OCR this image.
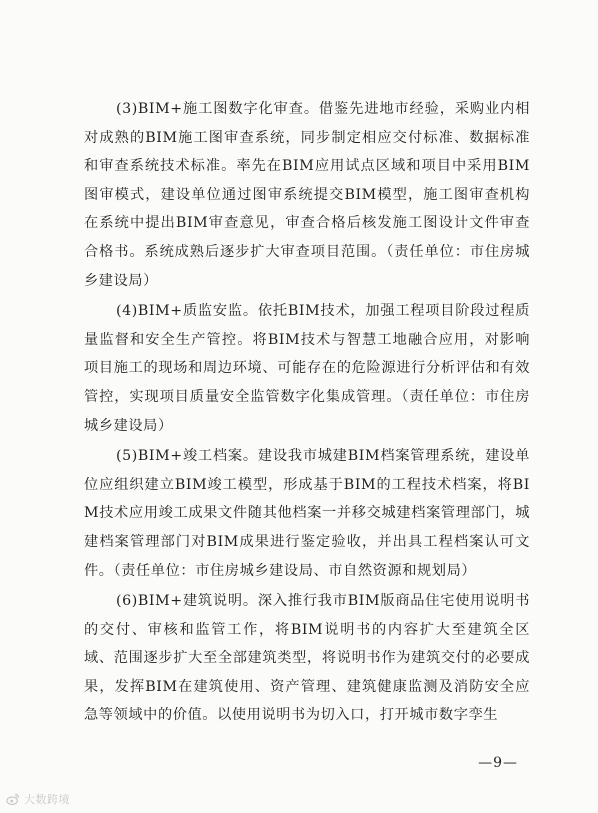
(3)BIM+施工图数字化审查。借鉴先进地市经验，采购业内相对成熟的BIM施工图审查系统，同步制定相应交付标准、数据标准和审查系统技术标准。率先在BIM应用试点区域和项目中采用BIM图审模式，建设单位通过图审系统提交BIM模型，施工图审查机构在系统中提出BIM审查意见，审查合格后核发施工图设计文件审查合格书。系统成熟后逐步扩大审查项目范围。（责任单位：市住房城乡建设局）

(4)BIM+质监安监。依托BIM技术，加强工程项目阶段过程质量监督和安全生产管控。将BIM技术与智慧工地融合应用，对影响项目施工的现场和周边环境、可能存在的危险源进行分析评估和有效管控，实现项目质量安全监管数字化集成管理。（责任单位：市住房城乡建设局）

(5)BIM+竣工档案。建设我市城建BIM档案管理系统，建设单位应组织建立BIM竣工模型，形成基于BIM的工程技术档案，将BIM技术应用竣工成果文件随其他档案一并移交城建档案管理部门，城建档案管理部门对BIM成果进行鉴定验收，并出具工程档案认可文件。（责任单位：市住房城乡建设局、市自然资源和规划局）

(6)BIM+建筑说明。深入推行我市BIM版商品住宅使用说明书的交付、审核和监管工作，将BIM说明书的内容扩大至建筑全区域、范围逐步扩大至全部建筑类型，将说明书作为建筑交付的必要成果，发挥BIM在建筑使用、资产管理、建筑健康监测及消防安全应急等领域中的价值。以使用说明书为切入口，打开城市数字孪生

—9—
大数跨境
